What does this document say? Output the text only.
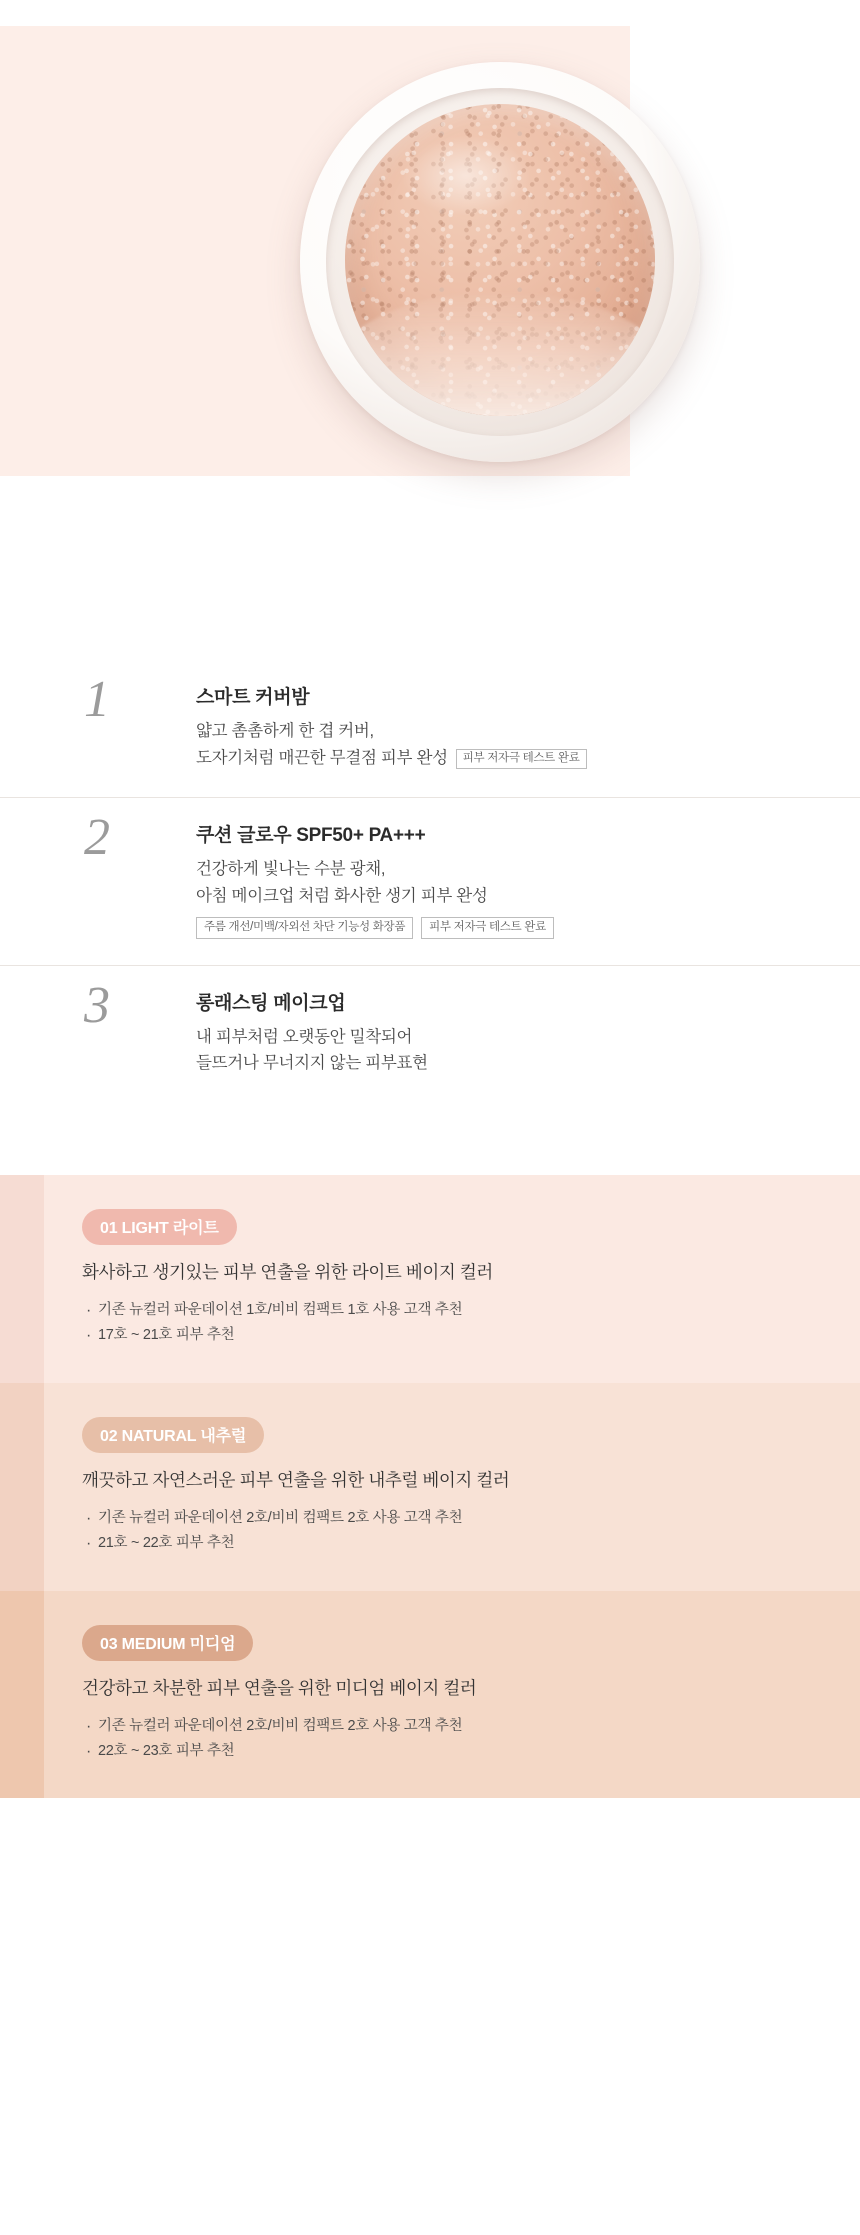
1	스마트 커버밤
얇고 촘촘하게 한 겹 커버,
도자기처럼 매끈한 무결점 피부 완성 피부 저자극 테스트 완료
2	쿠션 글로우 SPF50+ PA+++
건강하게 빛나는 수분 광채,
아침 메이크업 처럼 화사한 생기 피부 완성
주름 개선/미백/자외선 차단 기능성 화장품	피부 저자극 테스트 완료
3	롱래스팅 메이크업
내 피부처럼 오랫동안 밀착되어
들뜨거나 무너지지 않는 피부표현
01 LIGHT 라이트
화사하고 생기있는 피부 연출을 위한 라이트 베이지 컬러
· 기존 뉴컬러 파운데이션 1호/비비 컴팩트 1호 사용 고객 추천
· 17호 ~ 21호 피부 추천
02 NATURAL 내추럴
깨끗하고 자연스러운 피부 연출을 위한 내추럴 베이지 컬러
· 기존 뉴컬러 파운데이션 2호/비비 컴팩트 2호 사용 고객 추천
· 21호 ~ 22호 피부 추천
03 MEDIUM 미디엄
건강하고 차분한 피부 연출을 위한 미디엄 베이지 컬러
· 기존 뉴컬러 파운데이션 2호/비비 컴팩트 2호 사용 고객 추천
· 22호 ~ 23호 피부 추천
